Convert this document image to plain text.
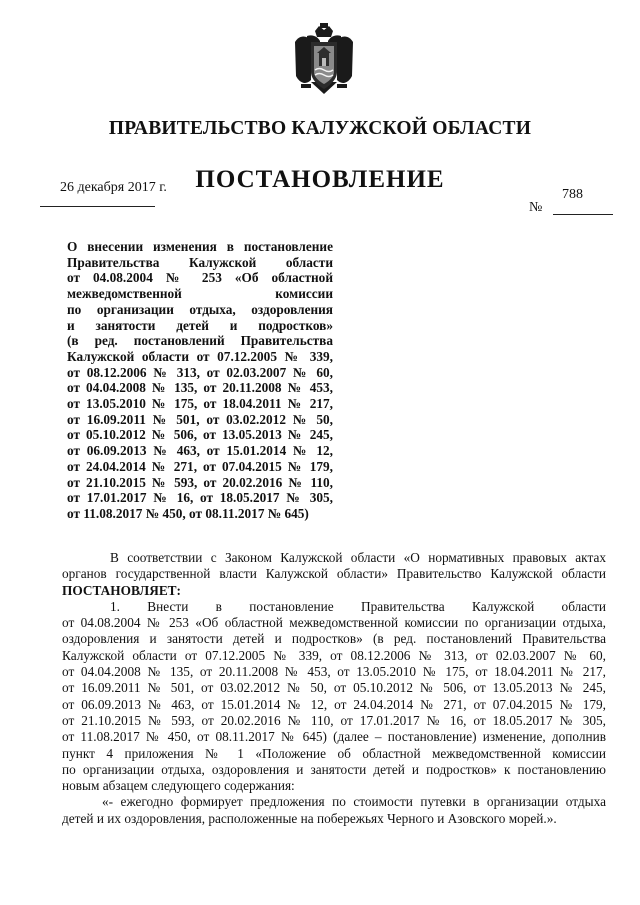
ПРАВИТЕЛЬСТВО КАЛУЖСКОЙ ОБЛАСТИ
ПОСТАНОВЛЕНИЕ
26 декабря 2017 г.	788
№
О внесении изменения в постановление
Правительства Калужской области
от 04.08.2004 № 253 «Об областной
межведомственной комиссии
по организации отдыха, оздоровления
и занятости детей и подростков»
(в ред. постановлений Правительства
Калужской области от 07.12.2005 № 339,
от 08.12.2006 № 313, от 02.03.2007 № 60,
от 04.04.2008 № 135, от 20.11.2008 № 453,
от 13.05.2010 № 175, от 18.04.2011 № 217,
от 16.09.2011 № 501, от 03.02.2012 № 50,
от 05.10.2012 № 506, от 13.05.2013 № 245,
от 06.09.2013 № 463, от 15.01.2014 № 12,
от 24.04.2014 № 271, от 07.04.2015 № 179,
от 21.10.2015 № 593, от 20.02.2016 № 110,
от 17.01.2017 № 16, от 18.05.2017 № 305,
от 11.08.2017 № 450, от 08.11.2017 № 645)
В соответствии с Законом Калужской области «О нормативных правовых актах
органов государственной власти Калужской области» Правительство Калужской области
ПОСТАНОВЛЯЕТ:
1. Внести в постановление Правительства Калужской области
от 04.08.2004 № 253 «Об областной межведомственной комиссии по организации отдыха,
оздоровления и занятости детей и подростков» (в ред. постановлений Правительства
Калужской области от 07.12.2005 № 339, от 08.12.2006 № 313, от 02.03.2007 № 60,
от 04.04.2008 № 135, от 20.11.2008 № 453, от 13.05.2010 № 175, от 18.04.2011 № 217,
от 16.09.2011 № 501, от 03.02.2012 № 50, от 05.10.2012 № 506, от 13.05.2013 № 245,
от 06.09.2013 № 463, от 15.01.2014 № 12, от 24.04.2014 № 271, от 07.04.2015 № 179,
от 21.10.2015 № 593, от 20.02.2016 № 110, от 17.01.2017 № 16, от 18.05.2017 № 305,
от 11.08.2017 № 450, от 08.11.2017 № 645) (далее – постановление) изменение, дополнив
пункт 4 приложения № 1 «Положение об областной межведомственной комиссии
по организации отдыха, оздоровления и занятости детей и подростков» к постановлению
новым абзацем следующего содержания:
«- ежегодно формирует предложения по стоимости путевки в организации отдыха
детей и их оздоровления, расположенные на побережьях Черного и Азовского морей.».
